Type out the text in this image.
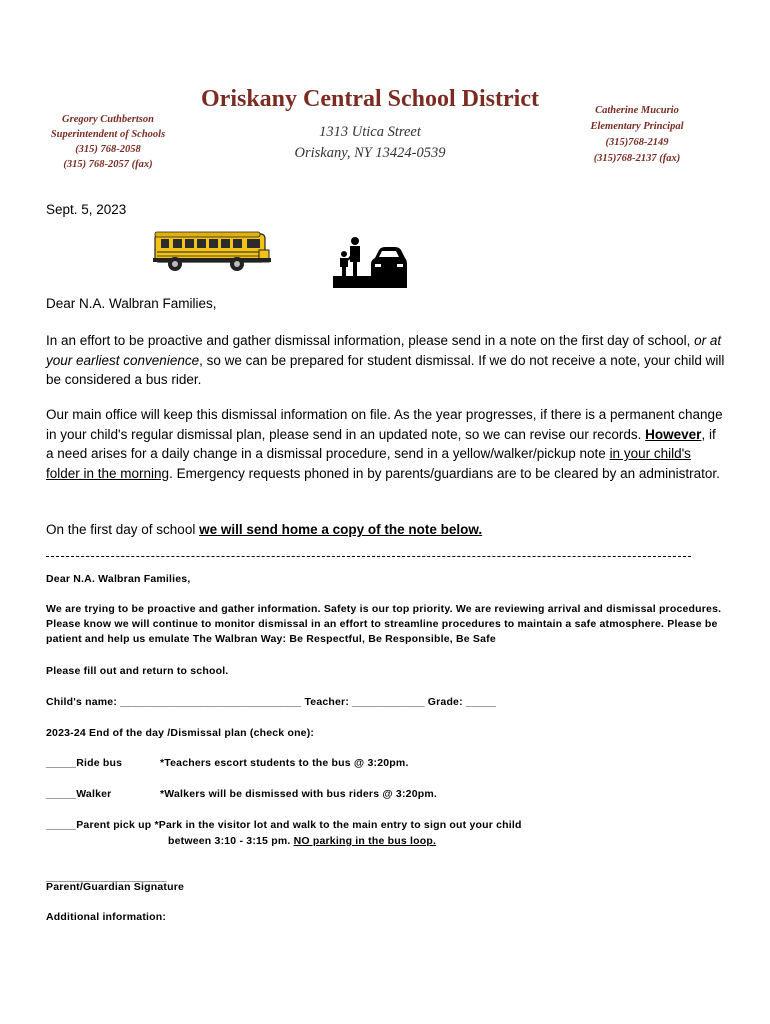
Gregory Cuthbertson
Superintendent of Schools
(315) 768-2058
(315) 768-2057 (fax)
Oriskany Central School District
1313 Utica Street
Oriskany, NY 13424-0539
Catherine Mucurio
Elementary Principal
(315)768-2149
(315)768-2137 (fax)
Sept. 5, 2023
Dear N.A. Walbran Families,
In an effort to be proactive and gather dismissal information, please send in a note on the first day of school, or at your earliest convenience, so we can be prepared for student dismissal. If we do not receive a note, your child will be considered a bus rider.
Our main office will keep this dismissal information on file. As the year progresses, if there is a permanent change in your child's regular dismissal plan, please send in an updated note, so we can revise our records. However, if a need arises for a daily change in a dismissal procedure, send in a yellow/walker/pickup note in your child's folder in the morning. Emergency requests phoned in by parents/guardians are to be cleared by an administrator.
On the first day of school we will send home a copy of the note below.
Dear N.A. Walbran Families,
We are trying to be proactive and gather information. Safety is our top priority. We are reviewing arrival and dismissal procedures. Please know we will continue to monitor dismissal in an effort to streamline procedures to maintain a safe atmosphere. Please be patient and help us emulate The Walbran Way: Be Respectful, Be Responsible, Be Safe
Please fill out and return to school.
Child's name: ______________________________ Teacher: ____________ Grade: _____
2023-24 End of the day /Dismissal plan (check one):
_____Ride bus	*Teachers escort students to the bus @ 3:20pm.
_____Walker	*Walkers will be dismissed with bus riders @ 3:20pm.
_____Parent pick up *Park in the visitor lot and walk to the main entry to sign out your child
between 3:10 - 3:15 pm. NO parking in the bus loop.
____________________
Parent/Guardian Signature
Additional information:
